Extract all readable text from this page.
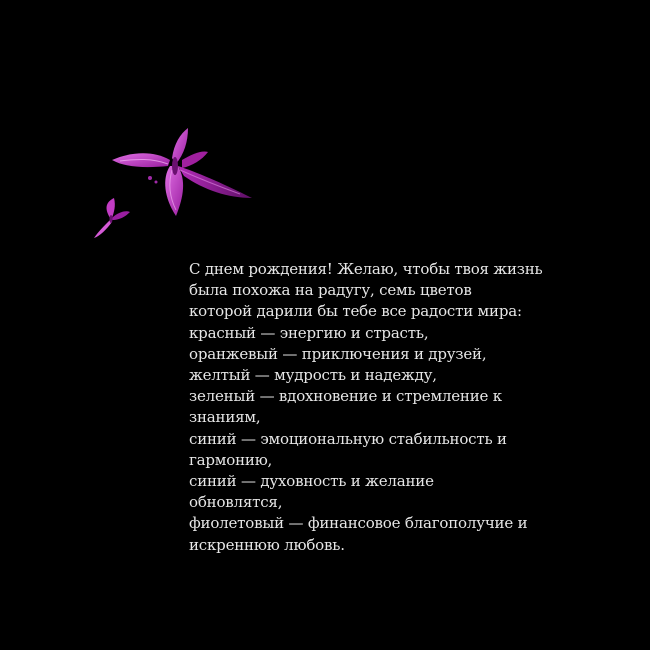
С днем рождения! Желаю, чтобы твоя жизнь
была похожа на радугу, семь цветов
которой дарили бы тебе все радости мира:
красный — энергию и страсть,
оранжевый — приключения и друзей,
желтый — мудрость и надежду,
зеленый — вдохновение и стремление к
знаниям,
синий — эмоциональную стабильность и
гармонию,
синий — духовность и желание
обновлятся,
фиолетовый — финансовое благополучие и
искреннюю любовь.
